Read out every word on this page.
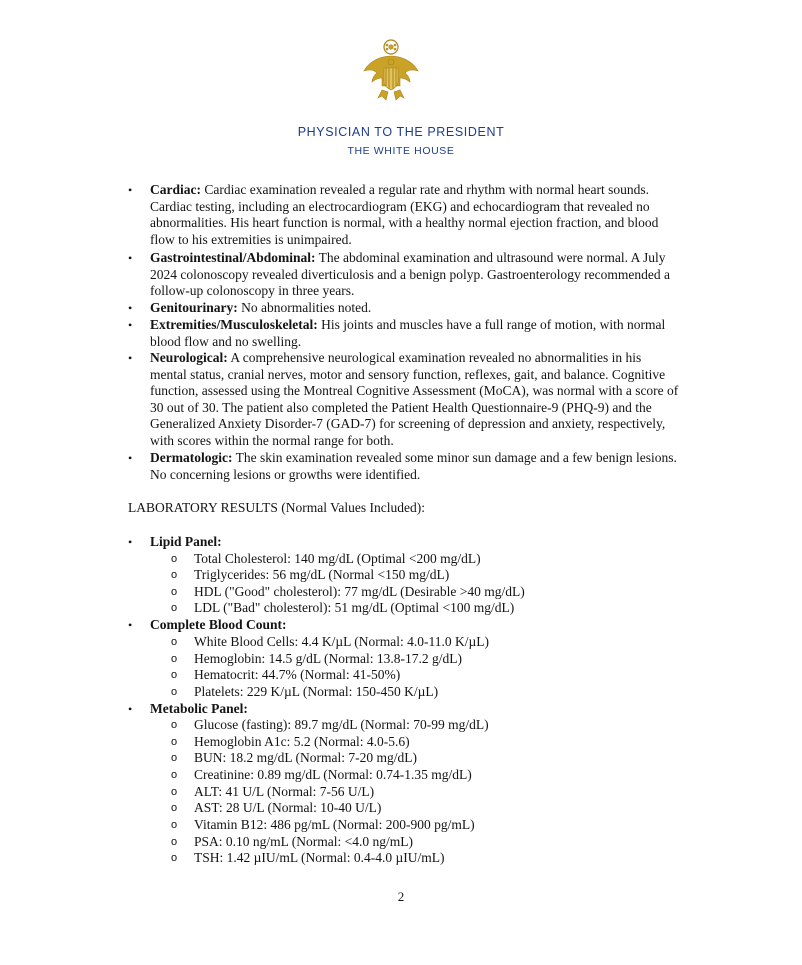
PHYSICIAN TO THE PRESIDENT
THE WHITE HOUSE
• Cardiac: Cardiac examination revealed a regular rate and rhythm with normal heart sounds. Cardiac testing, including an electrocardiogram (EKG) and echocardiogram that revealed no abnormalities. His heart function is normal, with a healthy normal ejection fraction, and blood flow to his extremities is unimpaired.
• Gastrointestinal/Abdominal: The abdominal examination and ultrasound were normal. A July 2024 colonoscopy revealed diverticulosis and a benign polyp. Gastroenterology recommended a follow-up colonoscopy in three years.
• Genitourinary: No abnormalities noted.
• Extremities/Musculoskeletal: His joints and muscles have a full range of motion, with normal blood flow and no swelling.
• Neurological: A comprehensive neurological examination revealed no abnormalities in his mental status, cranial nerves, motor and sensory function, reflexes, gait, and balance. Cognitive function, assessed using the Montreal Cognitive Assessment (MoCA), was normal with a score of 30 out of 30. The patient also completed the Patient Health Questionnaire-9 (PHQ-9) and the Generalized Anxiety Disorder-7 (GAD-7) for screening of depression and anxiety, respectively, with scores within the normal range for both.
• Dermatologic: The skin examination revealed some minor sun damage and a few benign lesions. No concerning lesions or growths were identified.
LABORATORY RESULTS (Normal Values Included):
• Lipid Panel:
o Total Cholesterol: 140 mg/dL (Optimal <200 mg/dL)
o Triglycerides: 56 mg/dL (Normal <150 mg/dL)
o HDL ("Good" cholesterol): 77 mg/dL (Desirable >40 mg/dL)
o LDL ("Bad" cholesterol): 51 mg/dL (Optimal <100 mg/dL)
• Complete Blood Count:
o White Blood Cells: 4.4 K/µL (Normal: 4.0-11.0 K/µL)
o Hemoglobin: 14.5 g/dL (Normal: 13.8-17.2 g/dL)
o Hematocrit: 44.7% (Normal: 41-50%)
o Platelets: 229 K/µL (Normal: 150-450 K/µL)
• Metabolic Panel:
o Glucose (fasting): 89.7 mg/dL (Normal: 70-99 mg/dL)
o Hemoglobin A1c: 5.2 (Normal: 4.0-5.6)
o BUN: 18.2 mg/dL (Normal: 7-20 mg/dL)
o Creatinine: 0.89 mg/dL (Normal: 0.74-1.35 mg/dL)
o ALT: 41 U/L (Normal: 7-56 U/L)
o AST: 28 U/L (Normal: 10-40 U/L)
o Vitamin B12: 486 pg/mL (Normal: 200-900 pg/mL)
o PSA: 0.10 ng/mL (Normal: <4.0 ng/mL)
o TSH: 1.42 µIU/mL (Normal: 0.4-4.0 µIU/mL)
2
